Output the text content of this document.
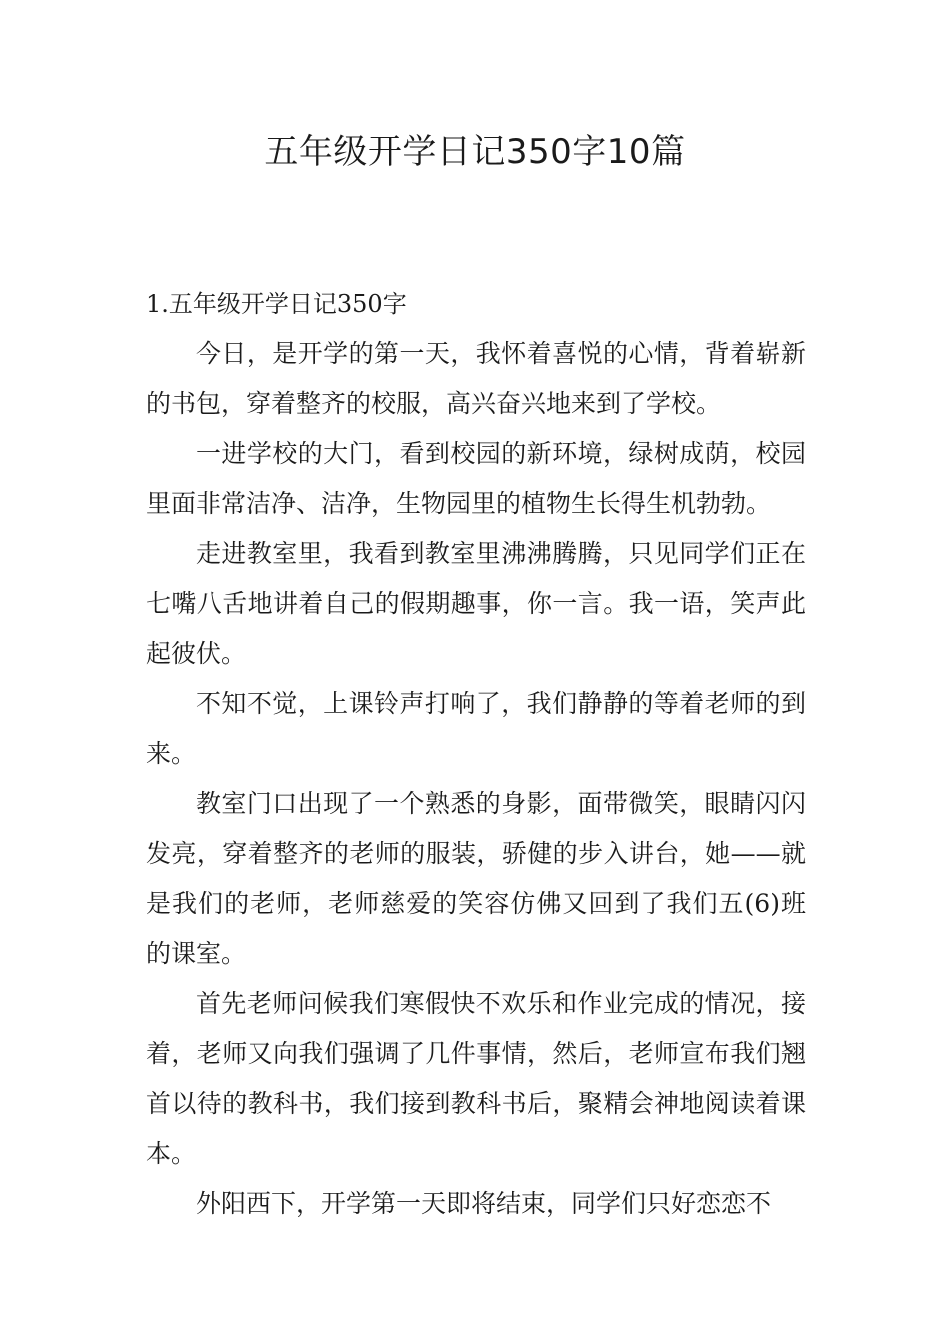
五年级开学日记350字10篇

1.五年级开学日记350字

今日，是开学的第一天，我怀着喜悦的心情，背着崭新的书包，穿着整齐的校服，高兴奋兴地来到了学校。

一进学校的大门，看到校园的新环境，绿树成荫，校园里面非常洁净、洁净，生物园里的植物生长得生机勃勃。

走进教室里，我看到教室里沸沸腾腾，只见同学们正在七嘴八舌地讲着自己的假期趣事，你一言。我一语，笑声此起彼伏。

不知不觉，上课铃声打响了，我们静静的等着老师的到来。

教室门口出现了一个熟悉的身影，面带微笑，眼睛闪闪发亮，穿着整齐的老师的服装，骄健的步入讲台，她——就是我们的老师，老师慈爱的笑容仿佛又回到了我们五(6)班的课室。

首先老师问候我们寒假快不欢乐和作业完成的情况，接着，老师又向我们强调了几件事情，然后，老师宣布我们翘首以待的教科书，我们接到教科书后，聚精会神地阅读着课本。

外阳西下，开学第一天即将结束，同学们只好恋恋不
